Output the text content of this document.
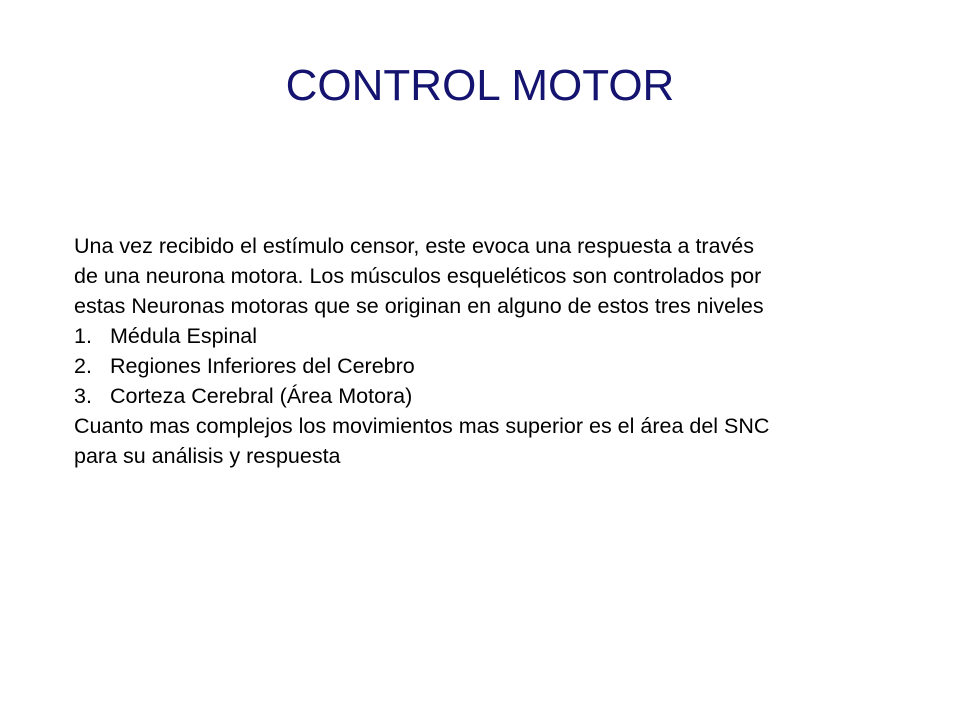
CONTROL MOTOR

Una vez recibido el estímulo censor, este evoca una respuesta a través

de una neurona motora. Los músculos esqueléticos son controlados por

estas Neuronas motoras que se originan en alguno de estos tres niveles

1. Médula Espinal
2. Regiones Inferiores del Cerebro
3. Corteza Cerebral (Área Motora)

Cuanto mas complejos los movimientos mas superior es el área del SNC

para su análisis y respuesta
